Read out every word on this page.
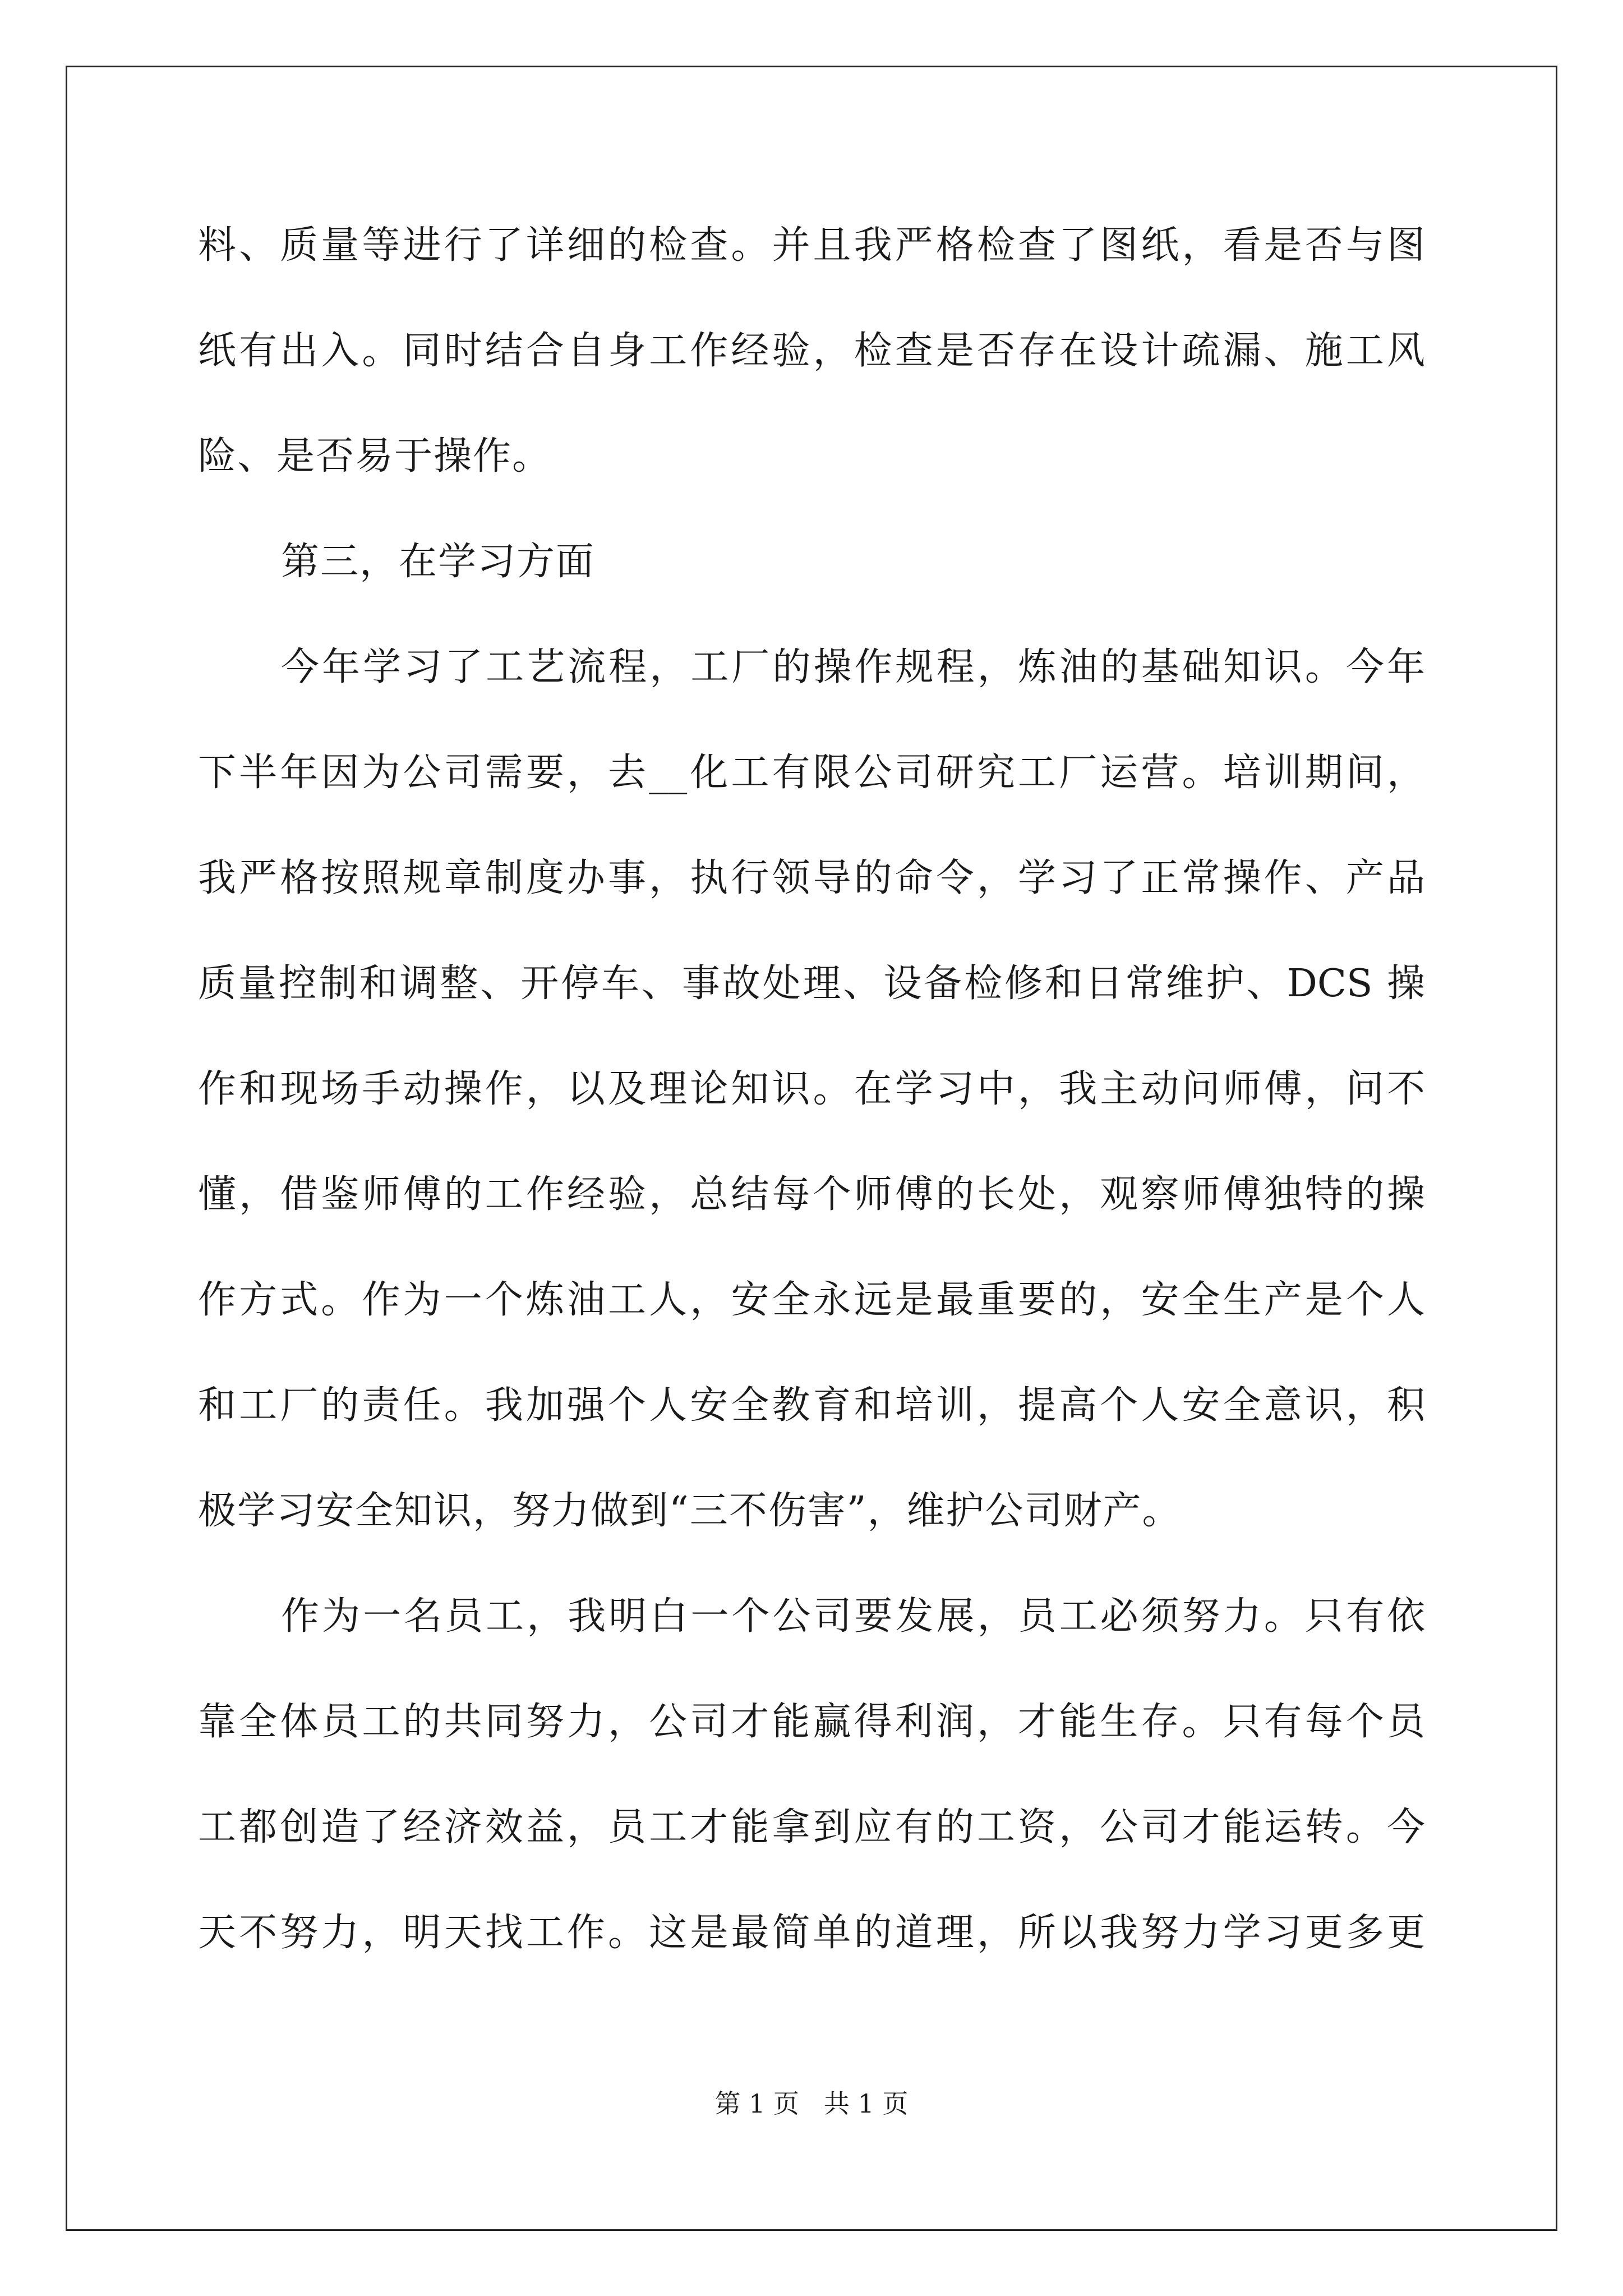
料、质量等进行了详细的检查。并且我严格检查了图纸，看是否与图
纸有出入。同时结合自身工作经验，检查是否存在设计疏漏、施工风
险、是否易于操作。
第三，在学习方面
今年学习了工艺流程，工厂的操作规程，炼油的基础知识。今年
下半年因为公司需要，去__化工有限公司研究工厂运营。培训期间，
我严格按照规章制度办事，执行领导的命令，学习了正常操作、产品
质量控制和调整、开停车、事故处理、设备检修和日常维护、DCS 操
作和现场手动操作，以及理论知识。在学习中，我主动问师傅，问不
懂，借鉴师傅的工作经验，总结每个师傅的长处，观察师傅独特的操
作方式。作为一个炼油工人，安全永远是最重要的，安全生产是个人
和工厂的责任。我加强个人安全教育和培训，提高个人安全意识，积
极学习安全知识，努力做到“三不伤害”，维护公司财产。
作为一名员工，我明白一个公司要发展，员工必须努力。只有依
靠全体员工的共同努力，公司才能赢得利润，才能生存。只有每个员
工都创造了经济效益，员工才能拿到应有的工资，公司才能运转。今
天不努力，明天找工作。这是最简单的道理，所以我努力学习更多更
第 1 页   共 1 页
